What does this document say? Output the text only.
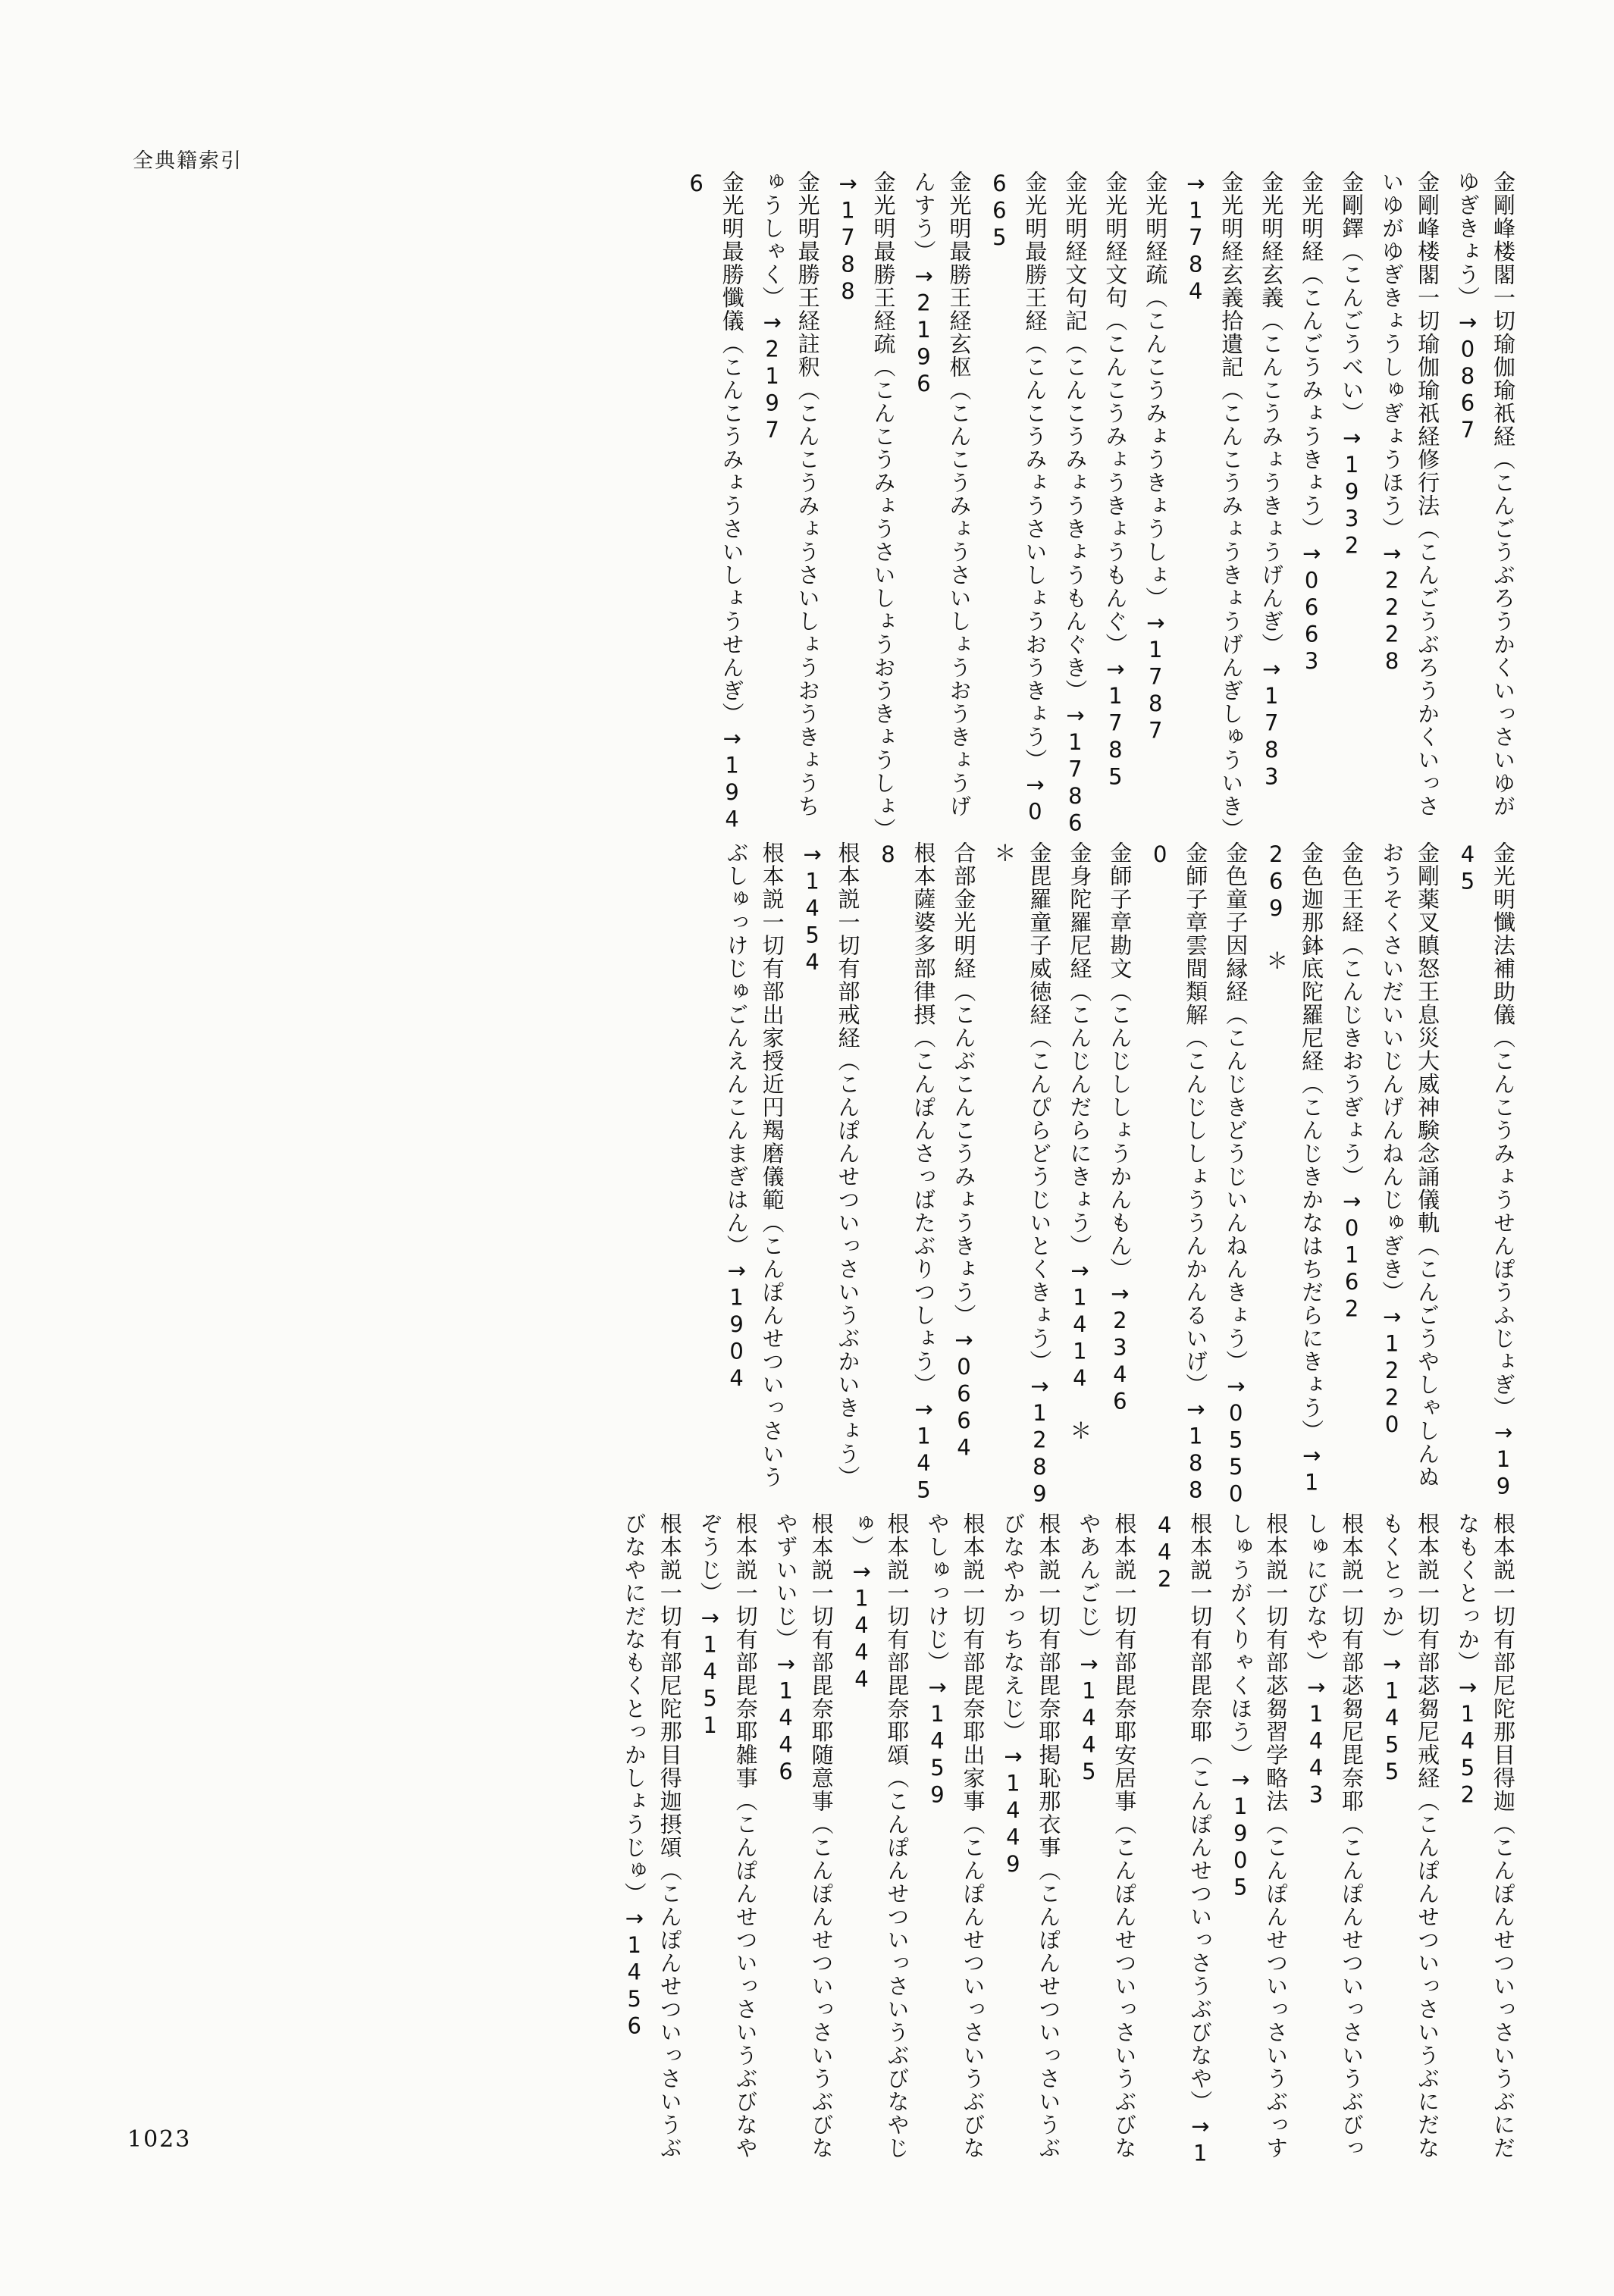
全典籍索引
金剛峰楼閣一切瑜伽瑜祇経（こんごうぶろうかくいっさいゆがゆぎきょう）→0867
金剛峰楼閣一切瑜伽瑜祇経修行法（こんごうぶろうかくいっさいゆがゆぎきょうしゅぎょうほう）→2228
金剛鐸（こんごうべい）→1932
金光明経（こんごうみょうきょう）→0663
金光明経玄義（こんこうみょうきょうげんぎ）→1783
金光明経玄義拾遺記（こんこうみょうきょうげんぎしゅういき）→1784
金光明経疏（こんこうみょうきょうしょ）→1787
金光明経文句（こんこうみょうきょうもんぐ）→1785
金光明経文句記（こんこうみょうきょうもんぐき）→1786
金光明最勝王経（こんこうみょうさいしょうおうきょう）→0665
金光明最勝王経玄枢（こんこうみょうさいしょうおうきょうげんすう）→2196
金光明最勝王経疏（こんこうみょうさいしょうおうきょうしょ）→1788
金光明最勝王経註釈（こんこうみょうさいしょうおうきょうちゅうしゃく）→2197
金光明最勝懺儀（こんこうみょうさいしょうせんぎ）→1946
金光明懺法補助儀（こんこうみょうせんぽうふじょぎ）→1945
金剛薬叉瞋怒王息災大威神験念誦儀軌（こんごうやしゃしんぬおうそくさいだいいじんげんねんじゅぎき）→1220
金色王経（こんじきおうぎょう）→0162
金色迦那鉢底陀羅尼経（こんじきかなはちだらにきょう）→1269 ＊
金色童子因縁経（こんじきどうじいんねんきょう）→0550
金師子章雲間類解（こんじししょううんかんるいげ）→1880
金師子章勘文（こんじししょうかんもん）→2346
金身陀羅尼経（こんじんだらにきょう）→1414 ＊
金毘羅童子威徳経（こんぴらどうじいとくきょう）→1289 ＊
合部金光明経（こんぶこんこうみょうきょう）→0664
根本薩婆多部律摂（こんぽんさっばたぶりつしょう）→1458
根本説一切有部戒経（こんぽんせついっさいうぶかいきょう）→1454
根本説一切有部出家授近円羯磨儀範（こんぽんせついっさいうぶしゅっけじゅごんえんこんまぎはん）→1904
根本説一切有部尼陀那目得迦（こんぽんせついっさいうぶにだなもくとっか）→1452
根本説一切有部苾芻尼戒経（こんぽんせついっさいうぶにだなもくとっか）→1455
根本説一切有部苾芻尼毘奈耶（こんぽんせついっさいうぶびっしゅにびなや）→1443
根本説一切有部苾芻習学略法（こんぽんせついっさいうぶっすしゅうがくりゃくほう）→1905
根本説一切有部毘奈耶（こんぽんせついっさうぶびなや）→1442
根本説一切有部毘奈耶安居事（こんぽんせついっさいうぶびなやあんごじ）→1445
根本説一切有部毘奈耶掲恥那衣事（こんぽんせついっさいうぶびなやかっちなえじ）→1449
根本説一切有部毘奈耶出家事（こんぽんせついっさいうぶびなやしゅっけじ）→1459
根本説一切有部毘奈耶頌（こんぽんせついっさいうぶびなやじゅ）→1444
根本説一切有部毘奈耶随意事（こんぽんせついっさいうぶびなやずいいじ）→1446
根本説一切有部毘奈耶雑事（こんぽんせついっさいうぶびなやぞうじ）→1451
根本説一切有部尼陀那目得迦摂頌（こんぽんせついっさいうぶびなやにだなもくとっかしょうじゅ）→1456
1023
